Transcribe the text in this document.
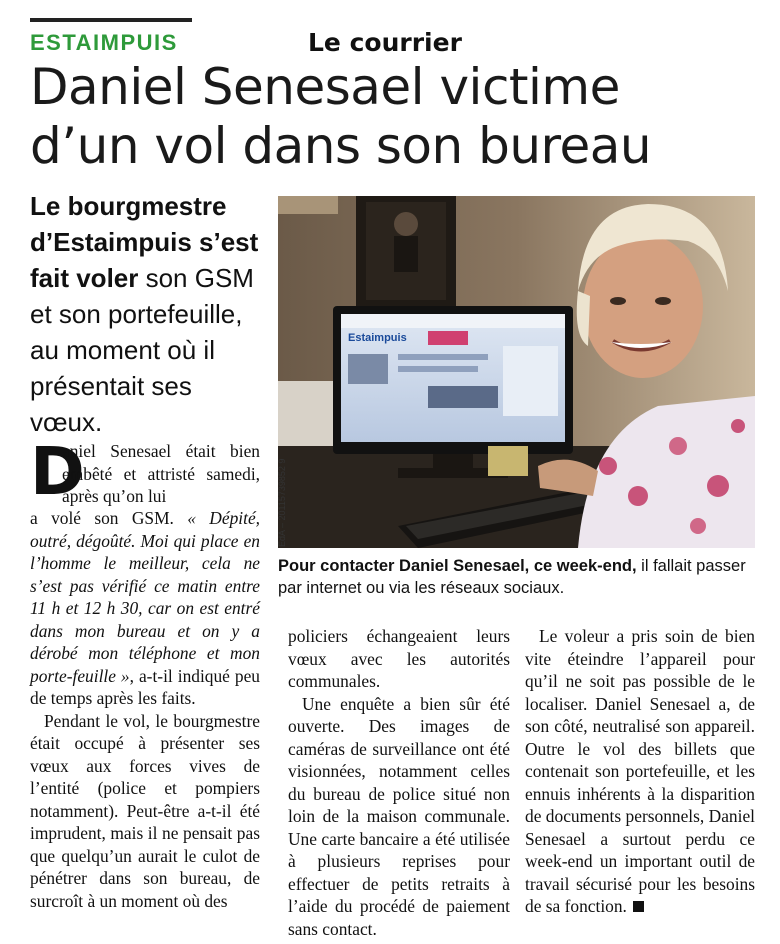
ESTAIMPUIS	Le courrier
Daniel Senesael victime
d’un vol dans son bureau
Le bourgmestre d’Estaimpuis s’est fait voler son GSM et son portefeuille, au moment où il présentait ses vœux.
Estaimpuis
EdA – 20115739852 9
Pour contacter Daniel Senesael, ce week-end, il fallait passer par internet ou via les réseaux sociaux.
D
aniel Senesael était bien embêté et attristé samedi, après qu’on lui

a volé son GSM. « Dépité, outré, dégoûté. Moi qui place en l’homme le meilleur, cela ne s’est pas vérifié ce matin entre 11 h et 12 h 30, car on est entré dans mon bureau et on y a dérobé mon téléphone et mon porte-feuille », a-t-il indiqué peu de temps après les faits.

Pendant le vol, le bourgmestre était occupé à présenter ses vœux aux forces vives de l’entité (police et pompiers notamment). Peut-être a-t-il été imprudent, mais il ne pensait pas que quelqu’un aurait le culot de pénétrer dans son bureau, de surcroît à un moment où des

policiers échangeaient leurs vœux avec les autorités communales.

Une enquête a bien sûr été ouverte. Des images de caméras de surveillance ont été visionnées, notamment celles du bureau de police situé non loin de la maison communale. Une carte bancaire a été utilisée à plusieurs reprises pour effectuer de petits retraits à l’aide du procédé de paiement sans contact.

Le voleur a pris soin de bien vite éteindre l’appareil pour qu’il ne soit pas possible de le localiser. Daniel Senesael a, de son côté, neutralisé son appareil. Outre le vol des billets que contenait son portefeuille, et les ennuis inhérents à la disparition de documents personnels, Daniel Senesael a surtout perdu ce week-end un important outil de travail sécurisé pour les besoins de sa fonction.
